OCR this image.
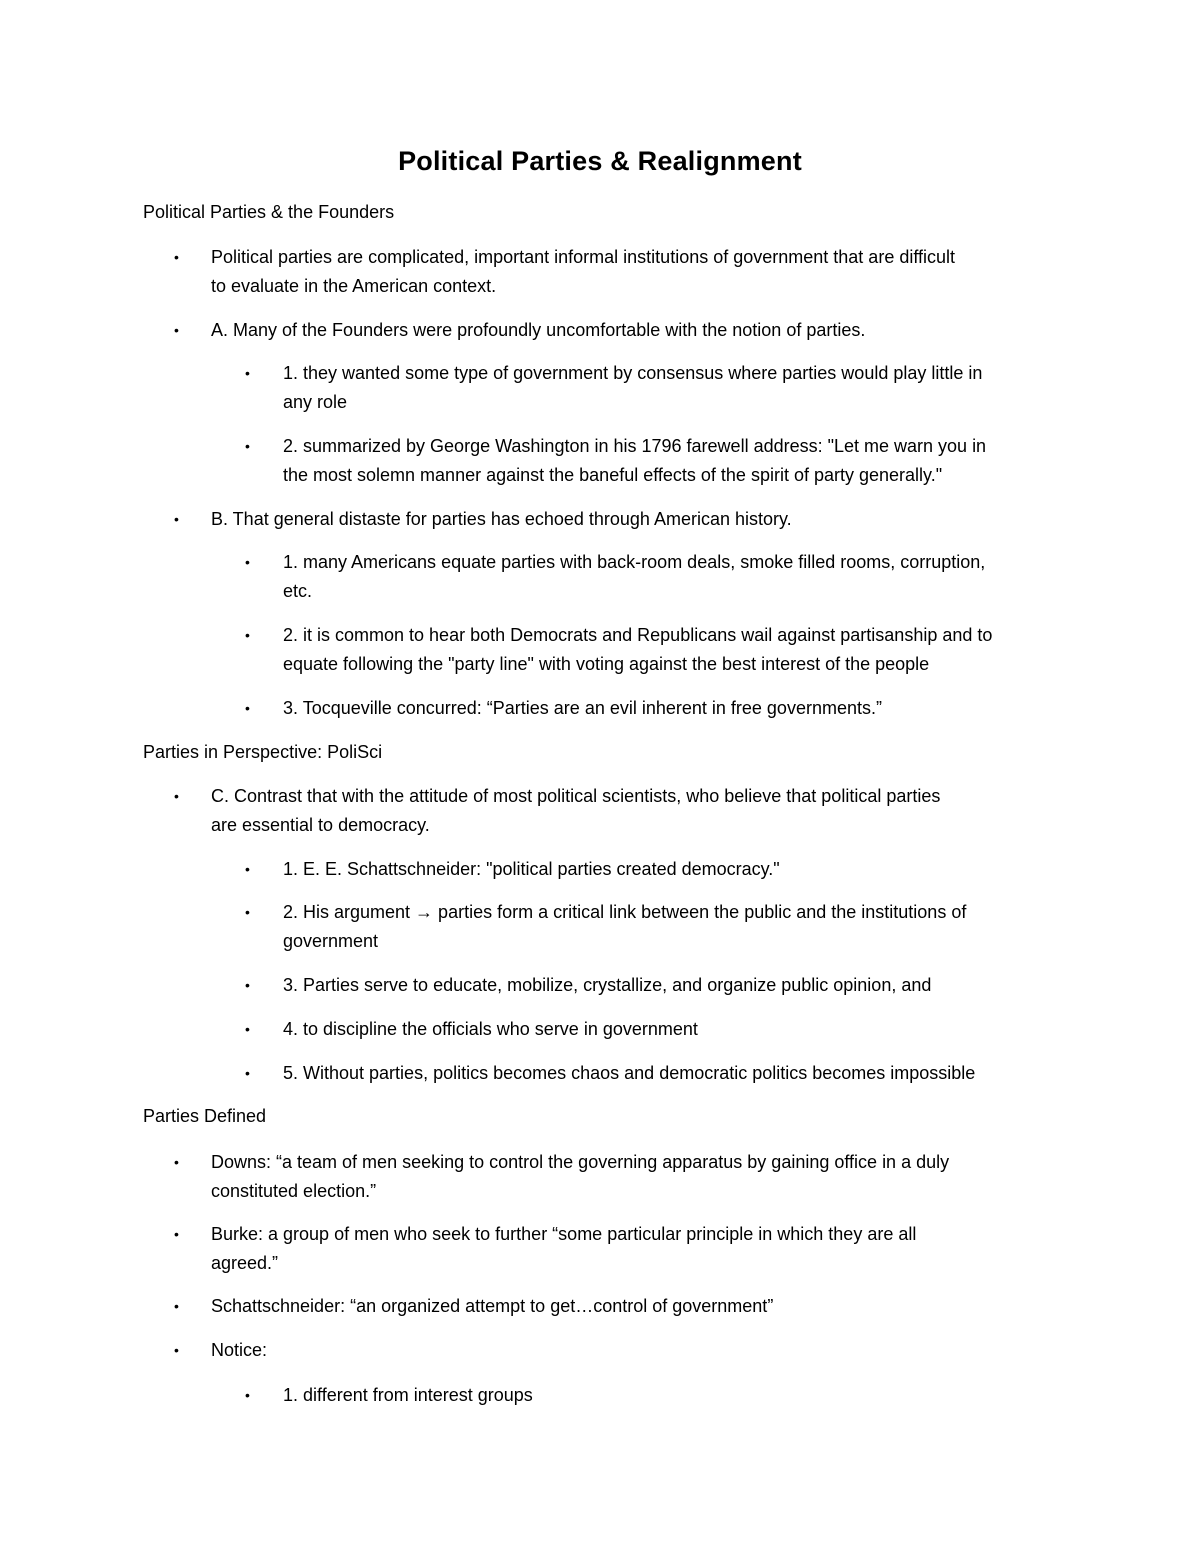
Political Parties & Realignment
Political Parties & the Founders
• Political parties are complicated, important informal institutions of government that are difficult
to evaluate in the American context.
• A. Many of the Founders were profoundly uncomfortable with the notion of parties.
• 1. they wanted some type of government by consensus where parties would play little in
any role
• 2. summarized by George Washington in his 1796 farewell address: "Let me warn you in
the most solemn manner against the baneful effects of the spirit of party generally."
• B. That general distaste for parties has echoed through American history.
• 1. many Americans equate parties with back-room deals, smoke filled rooms, corruption,
etc.
• 2. it is common to hear both Democrats and Republicans wail against partisanship and to
equate following the "party line" with voting against the best interest of the people
• 3. Tocqueville concurred: “Parties are an evil inherent in free governments.”
Parties in Perspective: PoliSci
• C. Contrast that with the attitude of most political scientists, who believe that political parties
are essential to democracy.
• 1. E. E. Schattschneider: "political parties created democracy."
• 2. His argument → parties form a critical link between the public and the institutions of
government
• 3. Parties serve to educate, mobilize, crystallize, and organize public opinion, and
• 4. to discipline the officials who serve in government
• 5. Without parties, politics becomes chaos and democratic politics becomes impossible
Parties Defined
• Downs: “a team of men seeking to control the governing apparatus by gaining office in a duly
constituted election.”
• Burke: a group of men who seek to further “some particular principle in which they are all
agreed.”
• Schattschneider: “an organized attempt to get…control of government”
• Notice:
• 1. different from interest groups
